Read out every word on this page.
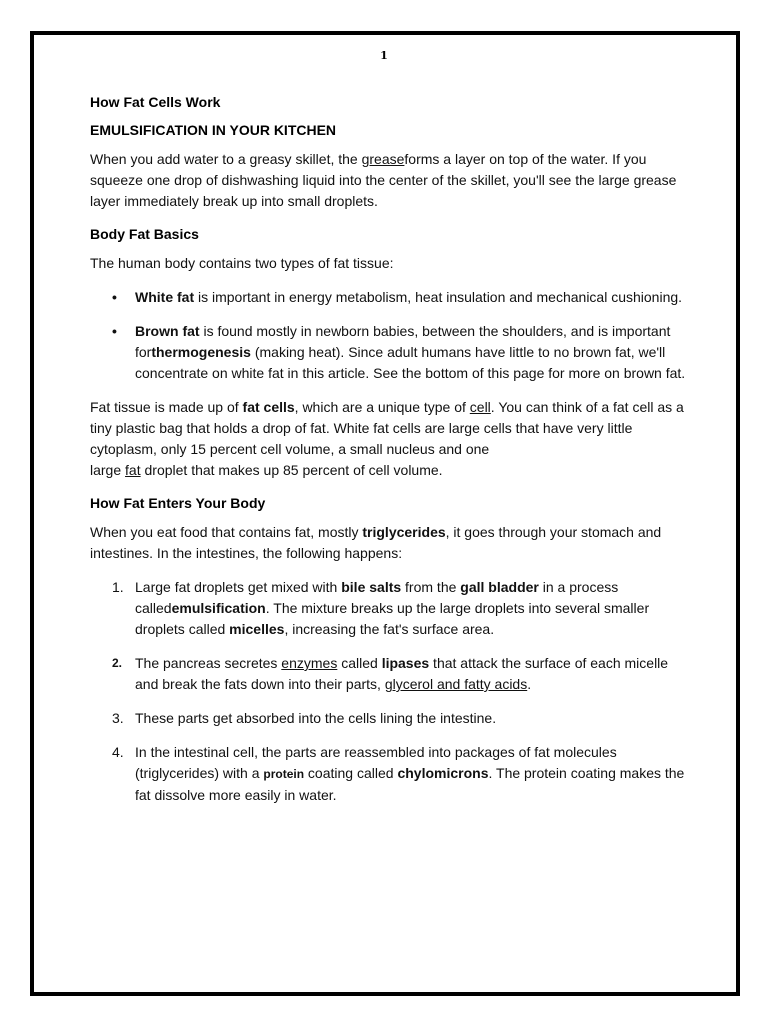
1

How Fat Cells Work

EMULSIFICATION IN YOUR KITCHEN

When you add water to a greasy skillet, the greaseforms a layer on top of the water. If you squeeze one drop of dishwashing liquid into the center of the skillet, you'll see the large grease layer immediately break up into small droplets.

Body Fat Basics

The human body contains two types of fat tissue:

• White fat is important in energy metabolism, heat insulation and mechanical cushioning.
• Brown fat is found mostly in newborn babies, between the shoulders, and is important forthermogenesis (making heat). Since adult humans have little to no brown fat, we'll concentrate on white fat in this article. See the bottom of this page for more on brown fat.

Fat tissue is made up of fat cells, which are a unique type of cell. You can think of a fat cell as a tiny plastic bag that holds a drop of fat. White fat cells are large cells that have very little cytoplasm, only 15 percent cell volume, a small nucleus and one
large fat droplet that makes up 85 percent of cell volume.

How Fat Enters Your Body

When you eat food that contains fat, mostly triglycerides, it goes through your stomach and intestines. In the intestines, the following happens:

1. Large fat droplets get mixed with bile salts from the gall bladder in a process calledemulsification. The mixture breaks up the large droplets into several smaller droplets called micelles, increasing the fat's surface area.
2. The pancreas secretes enzymes called lipases that attack the surface of each micelle and break the fats down into their parts, glycerol and fatty acids.
3. These parts get absorbed into the cells lining the intestine.
4. In the intestinal cell, the parts are reassembled into packages of fat molecules (triglycerides) with a protein coating called chylomicrons. The protein coating makes the fat dissolve more easily in water.
